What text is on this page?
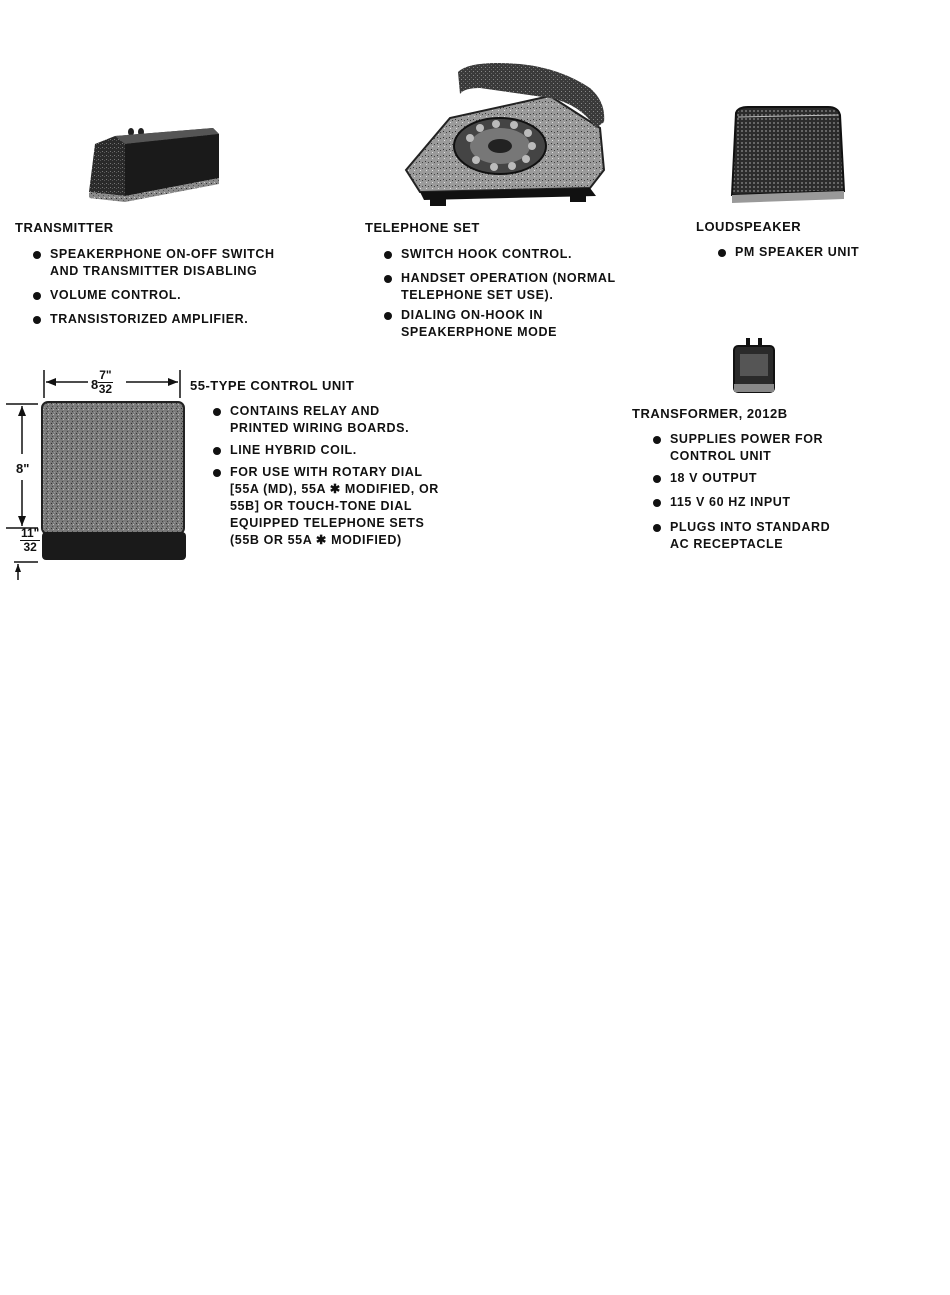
TRANSMITTER
SPEAKERPHONE ON-OFF SWITCH
AND TRANSMITTER DISABLING
VOLUME CONTROL.
TRANSISTORIZED AMPLIFIER.
TELEPHONE SET
SWITCH HOOK CONTROL.
HANDSET OPERATION (NORMAL
TELEPHONE SET USE).
DIALING ON-HOOK IN
SPEAKERPHONE MODE
LOUDSPEAKER
PM SPEAKER UNIT
$8 \frac{7"}{32}$
8"
$\frac{11"}{32}$
55-TYPE CONTROL UNIT
CONTAINS RELAY AND
PRINTED WIRING BOARDS.
LINE HYBRID COIL.
FOR USE WITH ROTARY DIAL
[55A (MD), 55A ✱ MODIFIED, OR
55B] OR TOUCH-TONE DIAL
EQUIPPED TELEPHONE SETS
(55B OR 55A ✱ MODIFIED)
TRANSFORMER, 2012B
SUPPLIES POWER FOR
CONTROL UNIT
18 V OUTPUT
115 V 60 HZ INPUT
PLUGS INTO STANDARD
AC RECEPTACLE
